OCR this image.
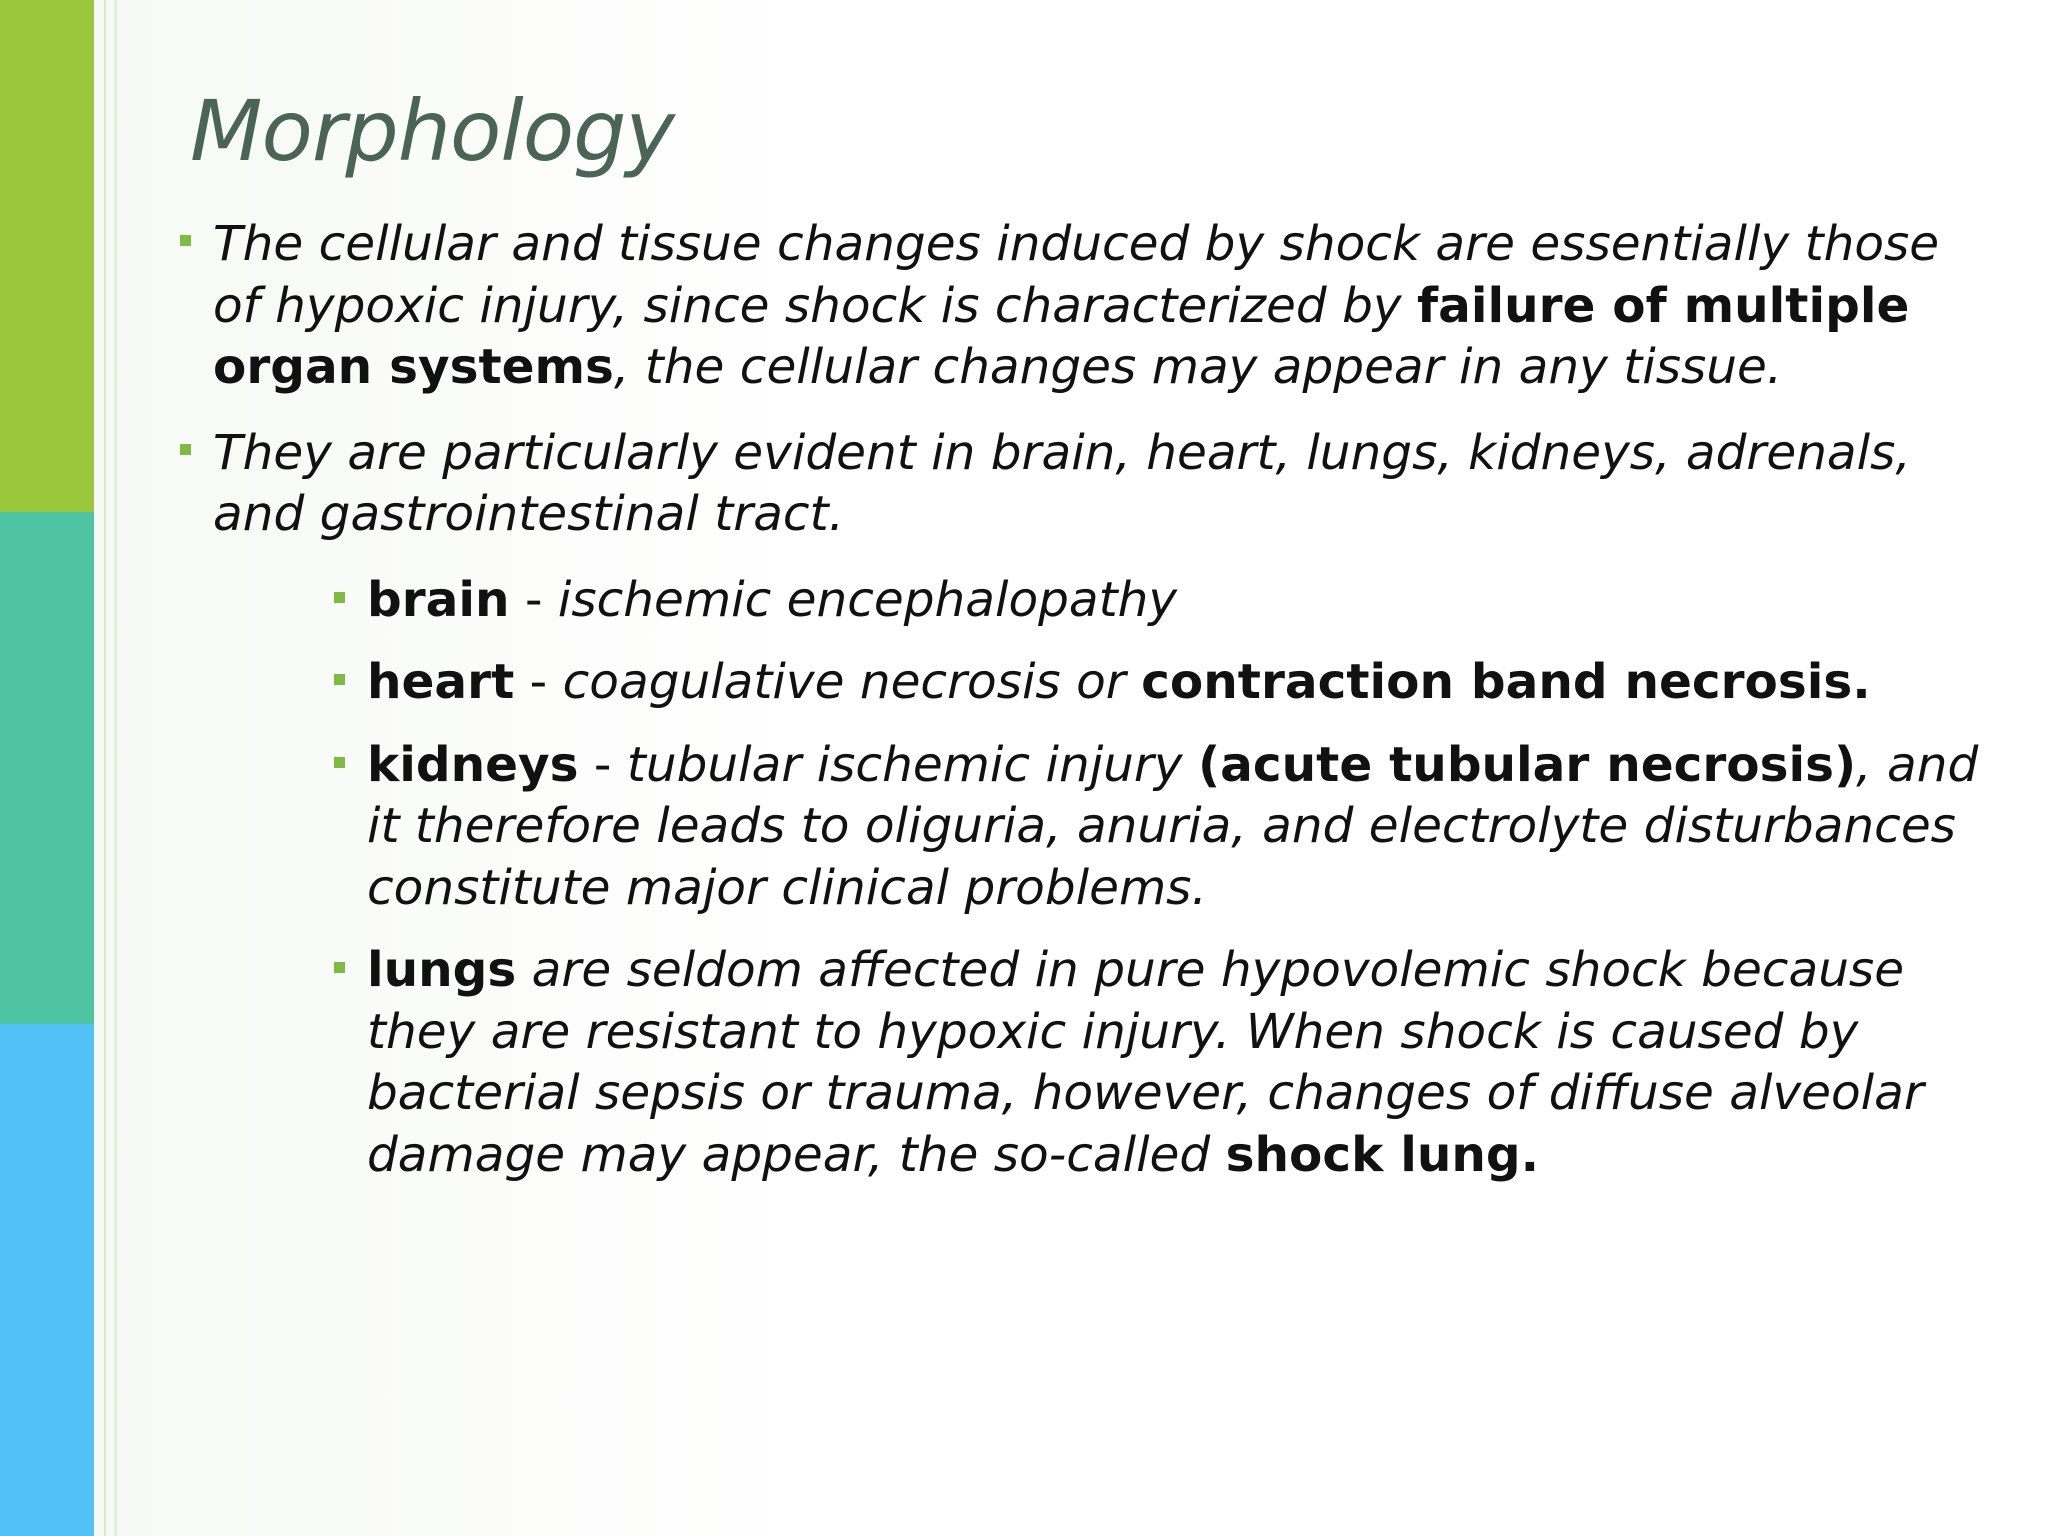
Morphology
The cellular and tissue changes induced by shock are essentially those of hypoxic injury, since shock is characterized by failure of multiple organ systems, the cellular changes may appear in any tissue.
They are particularly evident in brain, heart, lungs, kidneys, adrenals, and gastrointestinal tract.
brain - ischemic encephalopathy
heart - coagulative necrosis or contraction band necrosis.
kidneys - tubular ischemic injury (acute tubular necrosis), and it therefore leads to oliguria, anuria, and electrolyte disturbances constitute major clinical problems.
lungs are seldom affected in pure hypovolemic shock because they are resistant to hypoxic injury. When shock is caused by bacterial sepsis or trauma, however, changes of diffuse alveolar damage may appear, the so-called shock lung.
